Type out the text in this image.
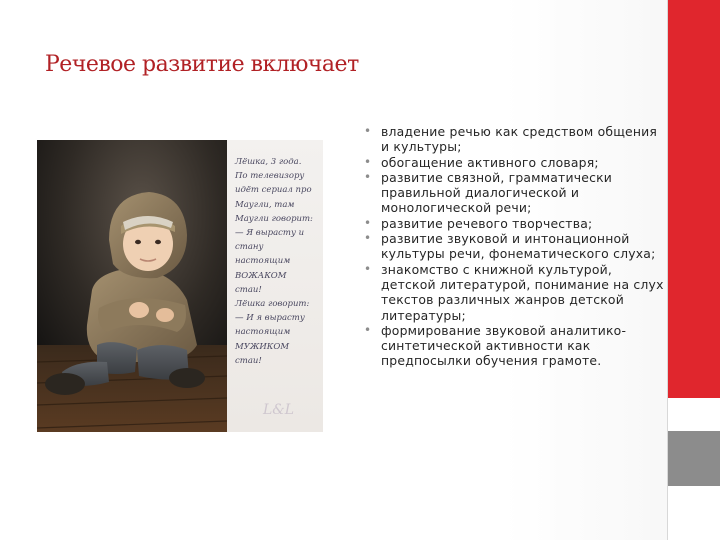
Речевое развитие включает
Лёшка, 3 года.
По телевизору
идёт сериал про
Маугли, там
Маугли говорит:
— Я вырасту и
стану
настоящим
ВОЖАКОМ
стаи!
Лёшка говорит:
— И я вырасту
настоящим
МУЖИКОМ
стаи!
L&L
• владение речью как средством общения и культуры;
• обогащение активного словаря;
• развитие связной, грамматически правильной диалогической и монологической речи;
• развитие речевого творчества;
• развитие звуковой и интонационной культуры речи, фонематического слуха;
• знакомство с книжной культурой, детской литературой, понимание на слух текстов различных жанров детской литературы;
• формирование звуковой аналитико-синтетической активности как предпосылки обучения грамоте.
